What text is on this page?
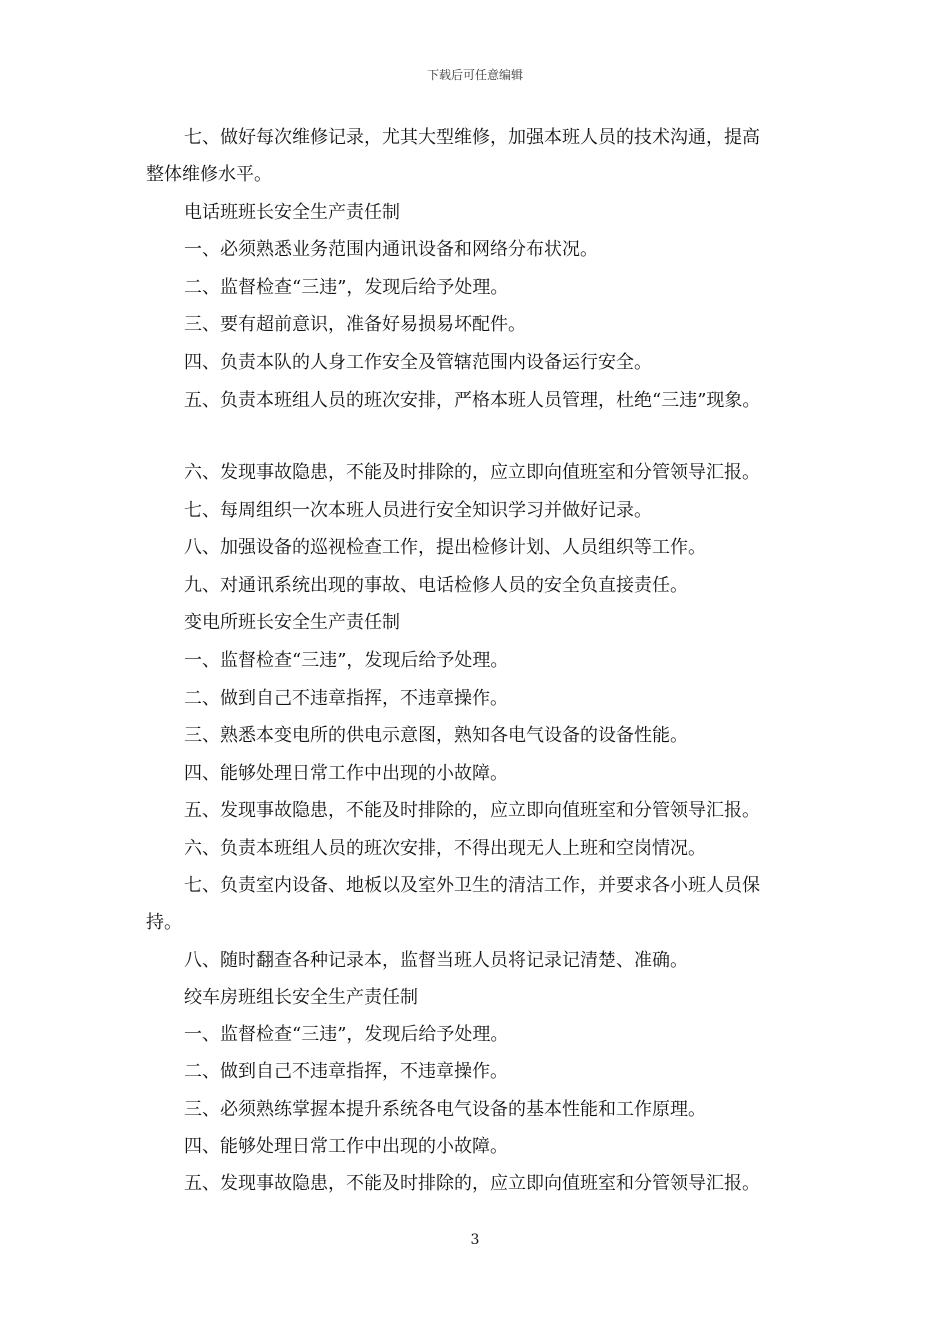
下载后可任意编辑
七、做好每次维修记录，尤其大型维修，加强本班人员的技术沟通，提高
整体维修水平。
电话班班长安全生产责任制
一、必须熟悉业务范围内通讯设备和网络分布状况。
二、监督检查“三违”，发现后给予处理。
三、要有超前意识，准备好易损易坏配件。
四、负责本队的人身工作安全及管辖范围内设备运行安全。
五、负责本班组人员的班次安排，严格本班人员管理，杜绝“三违”现象。
六、发现事故隐患，不能及时排除的，应立即向值班室和分管领导汇报。
七、每周组织一次本班人员进行安全知识学习并做好记录。
八、加强设备的巡视检查工作，提出检修计划、人员组织等工作。
九、对通讯系统出现的事故、电话检修人员的安全负直接责任。
变电所班长安全生产责任制
一、监督检查“三违”，发现后给予处理。
二、做到自己不违章指挥，不违章操作。
三、熟悉本变电所的供电示意图，熟知各电气设备的设备性能。
四、能够处理日常工作中出现的小故障。
五、发现事故隐患，不能及时排除的，应立即向值班室和分管领导汇报。
六、负责本班组人员的班次安排，不得出现无人上班和空岗情况。
七、负责室内设备、地板以及室外卫生的清洁工作，并要求各小班人员保
持。
八、随时翻查各种记录本，监督当班人员将记录记清楚、准确。
绞车房班组长安全生产责任制
一、监督检查“三违”，发现后给予处理。
二、做到自己不违章指挥，不违章操作。
三、必须熟练掌握本提升系统各电气设备的基本性能和工作原理。
四、能够处理日常工作中出现的小故障。
五、发现事故隐患，不能及时排除的，应立即向值班室和分管领导汇报。
3
